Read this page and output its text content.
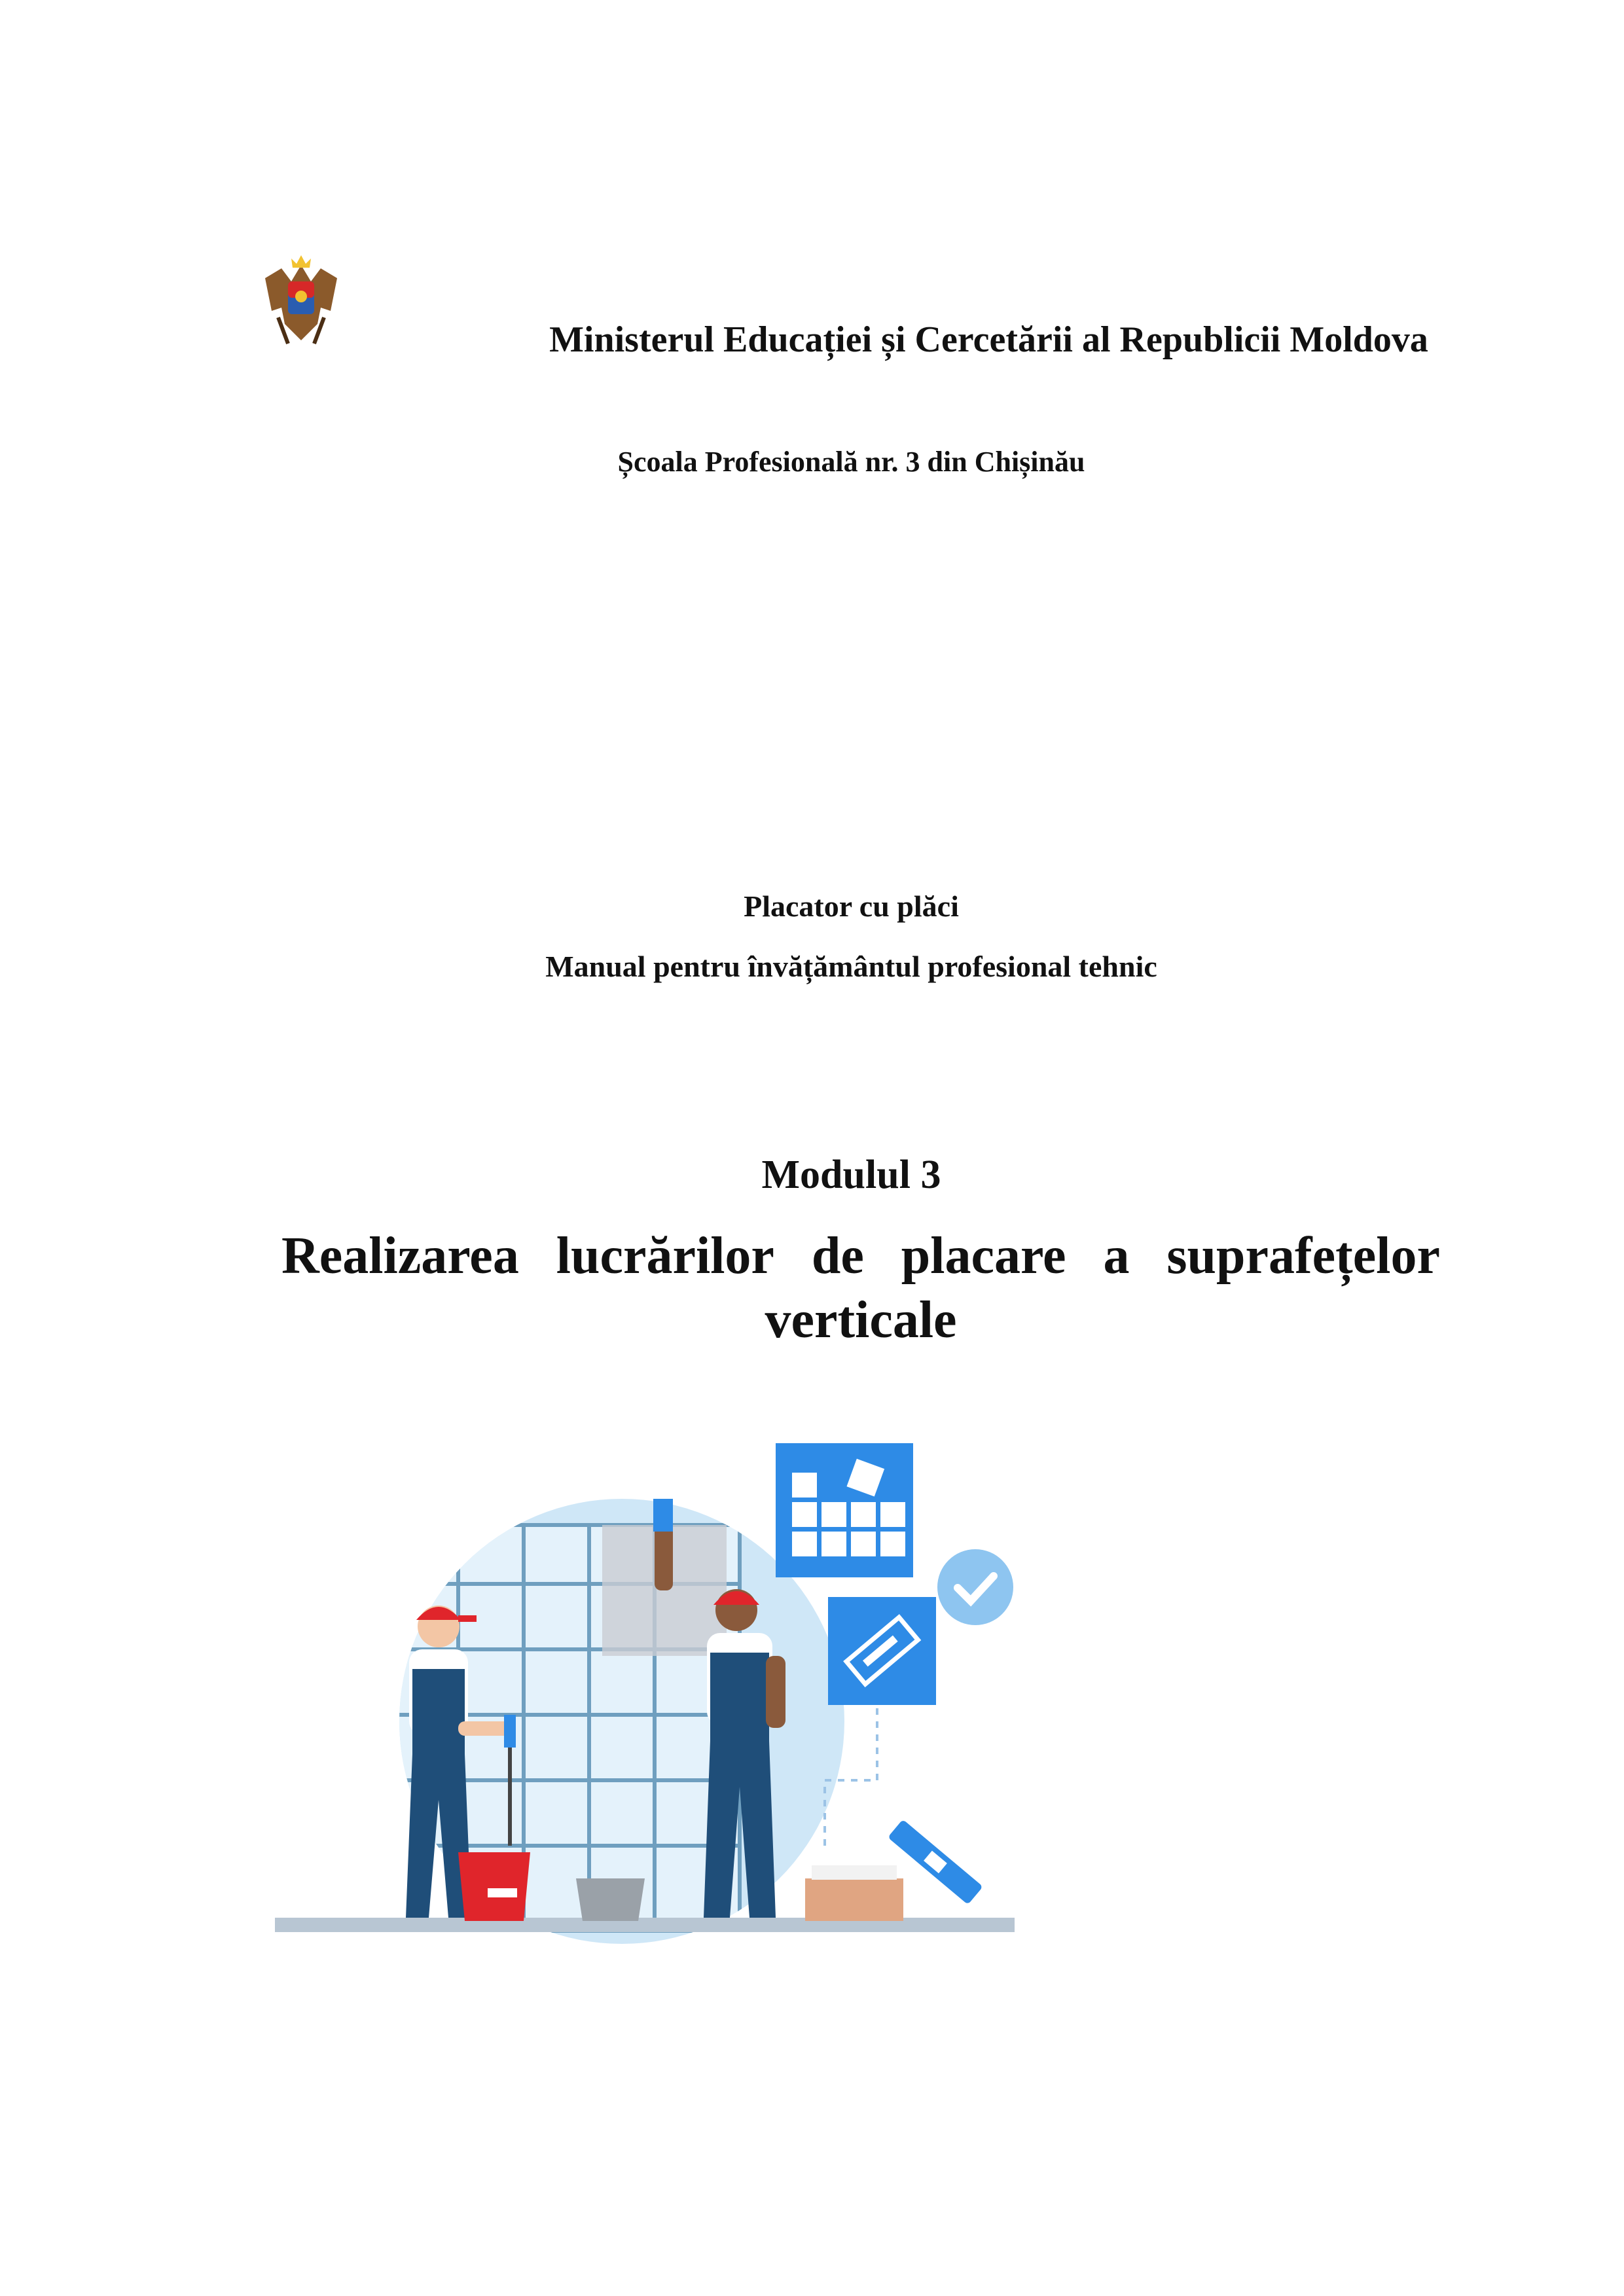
Ministerul Educației și Cercetării al Republicii Moldova
Școala Profesională nr. 3 din Chișinău
Placator cu plăci
Manual pentru învățământul profesional tehnic
Modulul 3
Realizarea lucrărilor de placare a suprafețelor
verticale
